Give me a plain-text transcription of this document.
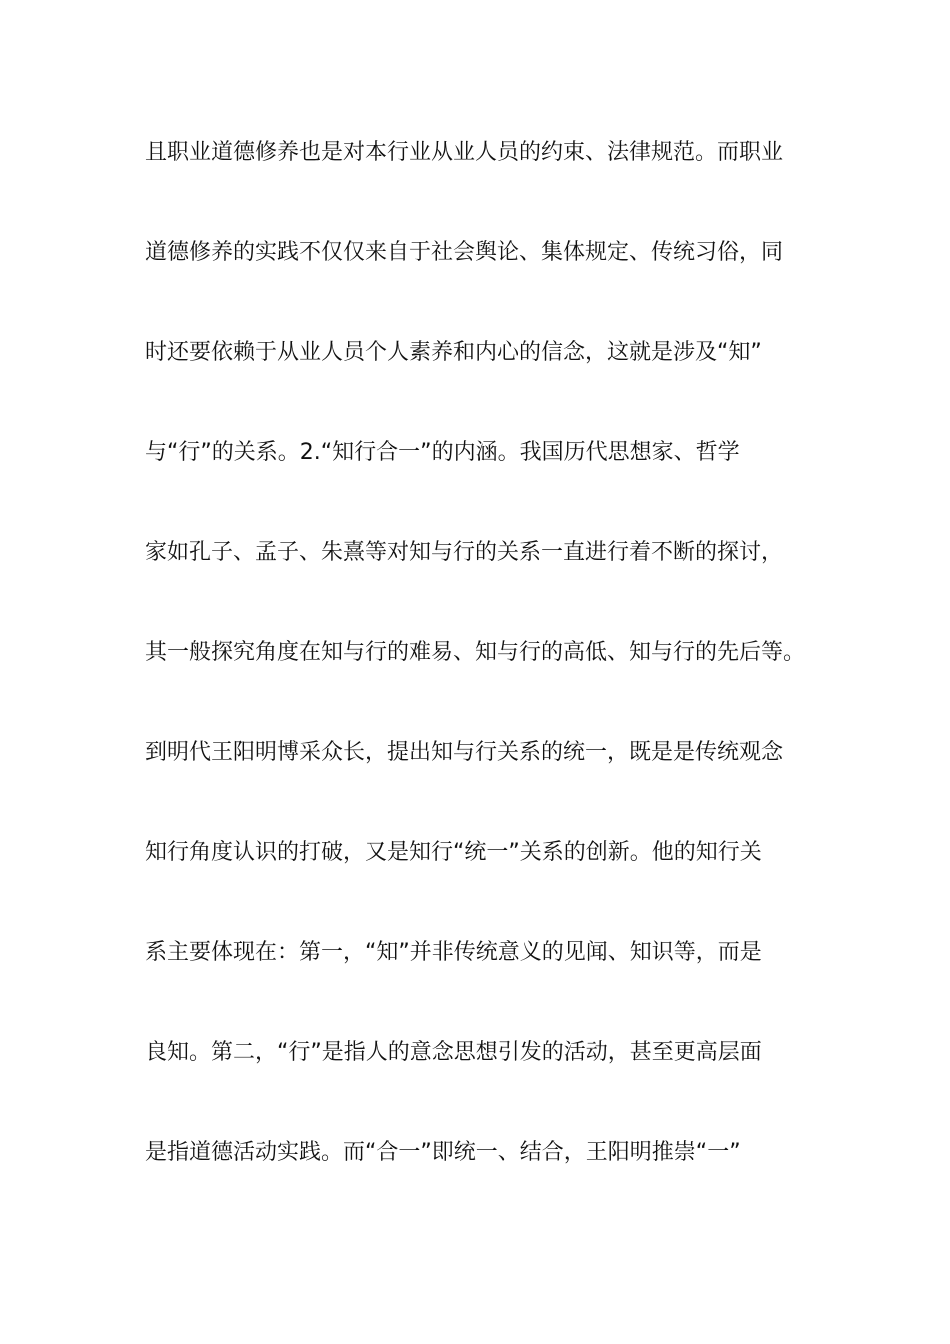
且职业道德修养也是对本行业从业人员的约束、法律规范。而职业
道德修养的实践不仅仅来自于社会舆论、集体规定、传统习俗，同
时还要依赖于从业人员个人素养和内心的信念，这就是涉及“知”
与“行”的关系。2.“知行合一”的内涵。我国历代思想家、哲学
家如孔子、孟子、朱熹等对知与行的关系一直进行着不断的探讨，
其一般探究角度在知与行的难易、知与行的高低、知与行的先后等。
到明代王阳明博采众长，提出知与行关系的统一，既是是传统观念
知行角度认识的打破，又是知行“统一”关系的创新。他的知行关
系主要体现在：第一，“知”并非传统意义的见闻、知识等，而是
良知。第二，“行”是指人的意念思想引发的活动，甚至更高层面
是指道德活动实践。而“合一”即统一、结合，王阳明推崇“一”
